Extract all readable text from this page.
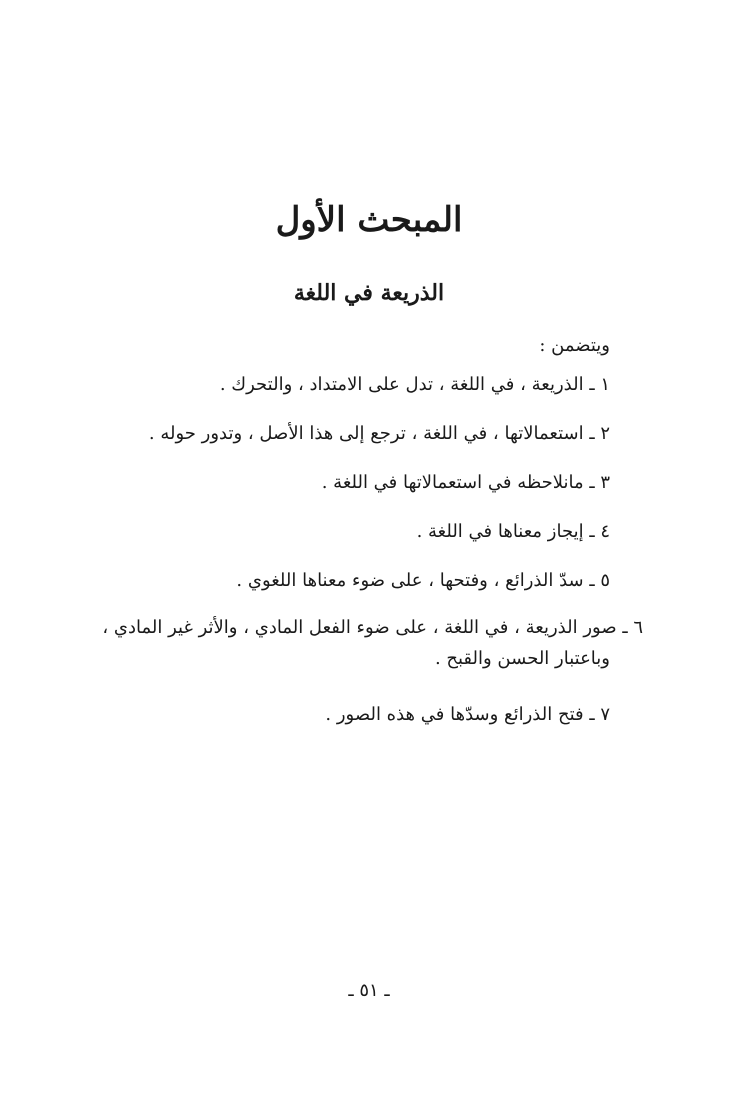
المبحث الأول
الذريعة في اللغة
ويتضمن :

١ ـ الذريعة ، في اللغة ، تدل على الامتداد ، والتحرك .

٢ ـ استعمالاتها ، في اللغة ، ترجع إلى هذا الأصل ، وتدور حوله .

٣ ـ مانلاحظه في استعمالاتها في اللغة .

٤ ـ إيجاز معناها في اللغة .

٥ ـ سدّ الذرائع ، وفتحها ، على ضوء معناها اللغوي .

٦ ـ صور الذريعة ، في اللغة ، على ضوء الفعل المادي ، والأثر غير المادي ، وباعتبار الحسن والقبح .

٧ ـ فتح الذرائع وسدّها في هذه الصور .

ـ ٥١ ـ
